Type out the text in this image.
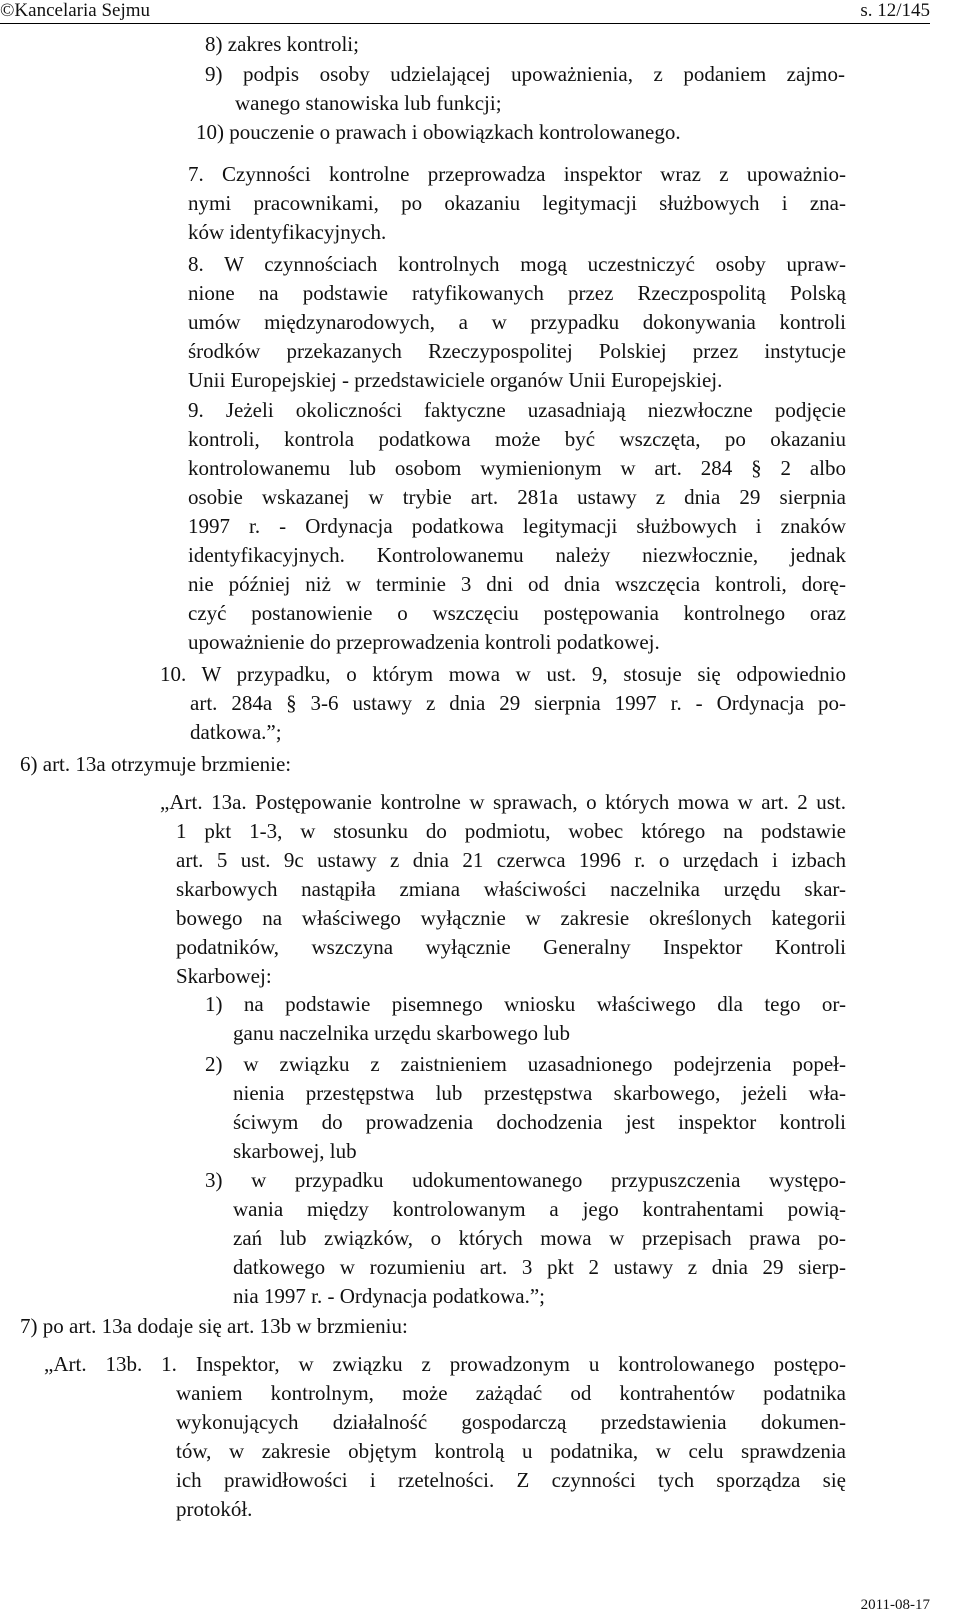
©Kancelaria Sejmu	s. 12/145
8) zakres kontroli;
9) podpis osoby udzielającej upoważnienia, z podaniem zajmo-
wanego stanowiska lub funkcji;
10) pouczenie o prawach i obowiązkach kontrolowanego.
7. Czynności kontrolne przeprowadza inspektor wraz z upoważnio-
nymi pracownikami, po okazaniu legitymacji służbowych i zna-
ków identyfikacyjnych.
8. W czynnościach kontrolnych mogą uczestniczyć osoby upraw-
nione na podstawie ratyfikowanych przez Rzeczpospolitą Polską
umów międzynarodowych, a w przypadku dokonywania kontroli
środków przekazanych Rzeczypospolitej Polskiej przez instytucje
Unii Europejskiej - przedstawiciele organów Unii Europejskiej.
9. Jeżeli okoliczności faktyczne uzasadniają niezwłoczne podjęcie
kontroli, kontrola podatkowa może być wszczęta, po okazaniu
kontrolowanemu lub osobom wymienionym w art. 284 § 2 albo
osobie wskazanej w trybie art. 281a ustawy z dnia 29 sierpnia
1997 r. - Ordynacja podatkowa legitymacji służbowych i znaków
identyfikacyjnych. Kontrolowanemu należy niezwłocznie, jednak
nie później niż w terminie 3 dni od dnia wszczęcia kontroli, dorę-
czyć postanowienie o wszczęciu postępowania kontrolnego oraz
upoważnienie do przeprowadzenia kontroli podatkowej.
10. W przypadku, o którym mowa w ust. 9, stosuje się odpowiednio
art. 284a § 3-6 ustawy z dnia 29 sierpnia 1997 r. - Ordynacja po-
datkowa.”;
6) art. 13a otrzymuje brzmienie:
„Art. 13a. Postępowanie kontrolne w sprawach, o których mowa w art. 2 ust.
1 pkt 1-3, w stosunku do podmiotu, wobec którego na podstawie
art. 5 ust. 9c ustawy z dnia 21 czerwca 1996 r. o urzędach i izbach
skarbowych nastąpiła zmiana właściwości naczelnika urzędu skar-
bowego na właściwego wyłącznie w zakresie określonych kategorii
podatników, wszczyna wyłącznie Generalny Inspektor Kontroli
Skarbowej:
1) na podstawie pisemnego wniosku właściwego dla tego or-
ganu naczelnika urzędu skarbowego lub
2) w związku z zaistnieniem uzasadnionego podejrzenia popeł-
nienia przestępstwa lub przestępstwa skarbowego, jeżeli wła-
ściwym do prowadzenia dochodzenia jest inspektor kontroli
skarbowej, lub
3) w przypadku udokumentowanego przypuszczenia występo-
wania między kontrolowanym a jego kontrahentami powią-
zań lub związków, o których mowa w przepisach prawa po-
datkowego w rozumieniu art. 3 pkt 2 ustawy z dnia 29 sierp-
nia 1997 r. - Ordynacja podatkowa.”;
7) po art. 13a dodaje się art. 13b w brzmieniu:
„Art. 13b. 1. Inspektor, w związku z prowadzonym u kontrolowanego postępo-
waniem kontrolnym, może zażądać od kontrahentów podatnika
wykonujących działalność gospodarczą przedstawienia dokumen-
tów, w zakresie objętym kontrolą u podatnika, w celu sprawdzenia
ich prawidłowości i rzetelności. Z czynności tych sporządza się
protokół.
2011-08-17
